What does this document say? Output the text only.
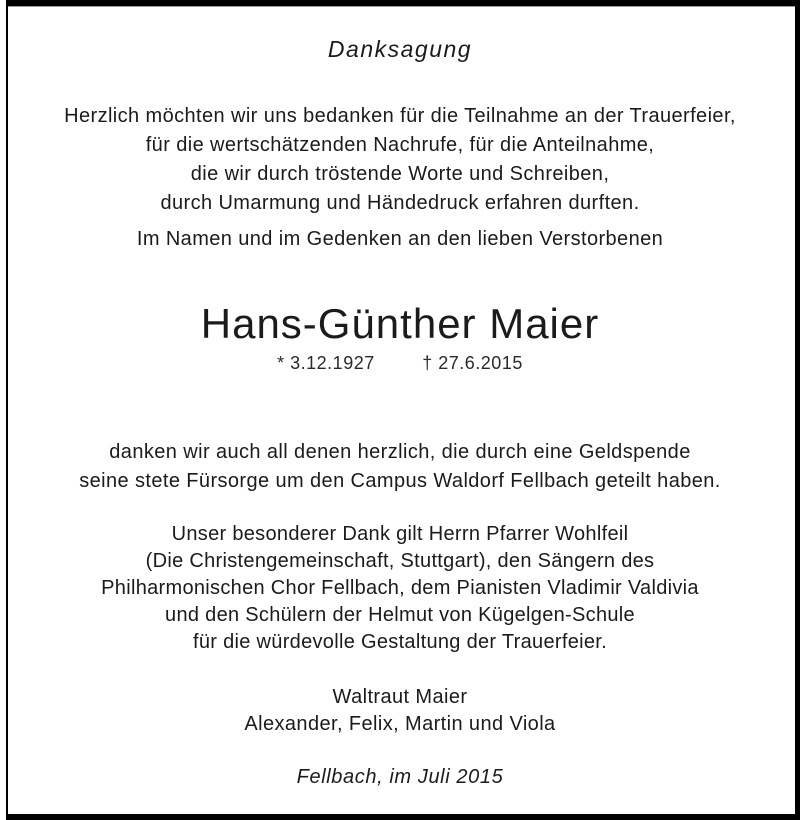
Danksagung
Herzlich möchten wir uns bedanken für die Teilnahme an der Trauerfeier,
für die wertschätzenden Nachrufe, für die Anteilnahme,
die wir durch tröstende Worte und Schreiben,
durch Umarmung und Händedruck erfahren durften.
Im Namen und im Gedenken an den lieben Verstorbenen
Hans-Günther Maier
* 3.12.1927	† 27.6.2015
danken wir auch all denen herzlich, die durch eine Geldspende
seine stete Fürsorge um den Campus Waldorf Fellbach geteilt haben.
Unser besonderer Dank gilt Herrn Pfarrer Wohlfeil
(Die Christengemeinschaft, Stuttgart), den Sängern des
Philharmonischen Chor Fellbach, dem Pianisten Vladimir Valdivia
und den Schülern der Helmut von Kügelgen-Schule
für die würdevolle Gestaltung der Trauerfeier.
Waltraut Maier
Alexander, Felix, Martin und Viola
Fellbach, im Juli 2015
